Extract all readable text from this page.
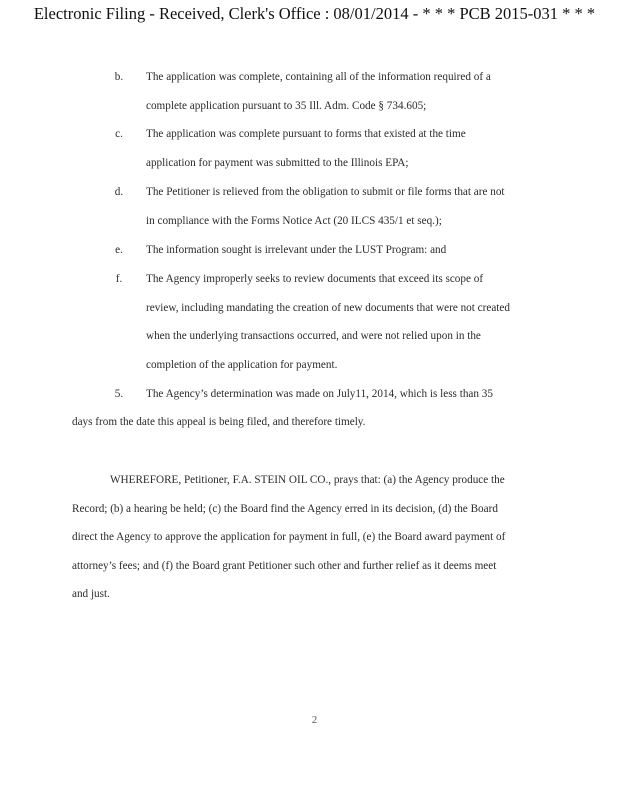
Electronic Filing - Received, Clerk's Office : 08/01/2014 - * * * PCB 2015-031 * * *
b.	The application was complete, containing all of the information required of a
complete application pursuant to 35 Ill. Adm. Code § 734.605;
c.	The application was complete pursuant to forms that existed at the time
application for payment was submitted to the Illinois EPA;
d.	The Petitioner is relieved from the obligation to submit or file forms that are not
in compliance with the Forms Notice Act (20 ILCS 435/1 et seq.);
e.	The information sought is irrelevant under the LUST Program: and
f.	The Agency improperly seeks to review documents that exceed its scope of
review, including mandating the creation of new documents that were not created
when the underlying transactions occurred, and were not relied upon in the
completion of the application for payment.
5.	The Agency’s determination was made on July11, 2014, which is less than 35
days from the date this appeal is being filed, and therefore timely.
WHEREFORE, Petitioner, F.A. STEIN OIL CO., prays that: (a) the Agency produce the
Record; (b) a hearing be held; (c) the Board find the Agency erred in its decision, (d) the Board
direct the Agency to approve the application for payment in full, (e) the Board award payment of
attorney’s fees; and (f) the Board grant Petitioner such other and further relief as it deems meet
and just.
2
